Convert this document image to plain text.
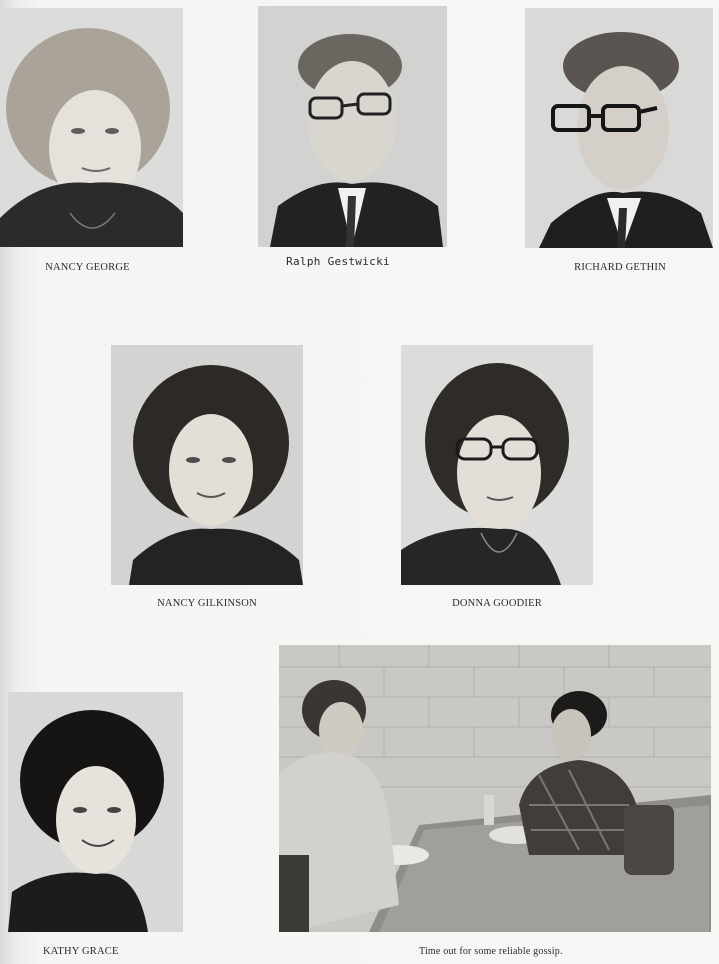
NANCY GEORGE	Ralph Gestwicki	RICHARD GETHIN
NANCY GILKINSON	DONNA GOODIER
KATHY GRACE	Time out for some reliable gossip.
